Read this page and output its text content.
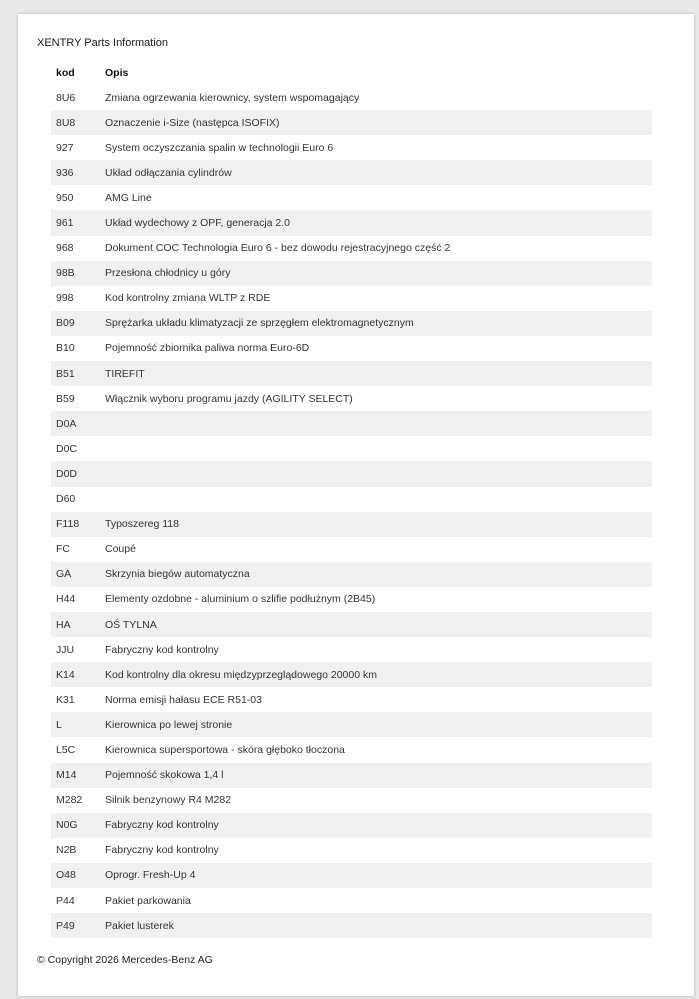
XENTRY Parts Information
kod	Opis
8U6	Zmiana ogrzewania kierownicy, system wspomagający
8U8	Oznaczenie i-Size (następca ISOFIX)
927	System oczyszczania spalin w technologii Euro 6
936	Układ odłączania cylindrów
950	AMG Line
961	Układ wydechowy z OPF, generacja 2.0
968	Dokument COC Technologia Euro 6 - bez dowodu rejestracyjnego część 2
98B	Przesłona chłodnicy u góry
998	Kod kontrolny zmiana WLTP z RDE
B09	Sprężarka układu klimatyzacji ze sprzęgłem elektromagnetycznym
B10	Pojemność zbiornika paliwa norma Euro-6D
B51	TIREFIT
B59	Włącznik wyboru programu jazdy (AGILITY SELECT)
D0A	
D0C	
D0D	
D60	
F118	Typoszereg 118
FC	Coupé
GA	Skrzynia biegów automatyczna
H44	Elementy ozdobne - aluminium o szlifie podłużnym (2B45)
HA	OŚ TYLNA
JJU	Fabryczny kod kontrolny
K14	Kod kontrolny dla okresu międzyprzeglądowego 20000 km
K31	Norma emisji hałasu ECE R51-03
L	Kierownica po lewej stronie
L5C	Kierownica supersportowa - skóra głęboko tłoczona
M14	Pojemność skokowa 1,4 l
M282	Silnik benzynowy R4 M282
N0G	Fabryczny kod kontrolny
N2B	Fabryczny kod kontrolny
O48	Oprogr. Fresh-Up 4
P44	Pakiet parkowania
P49	Pakiet lusterek
© Copyright 2026 Mercedes-Benz AG
